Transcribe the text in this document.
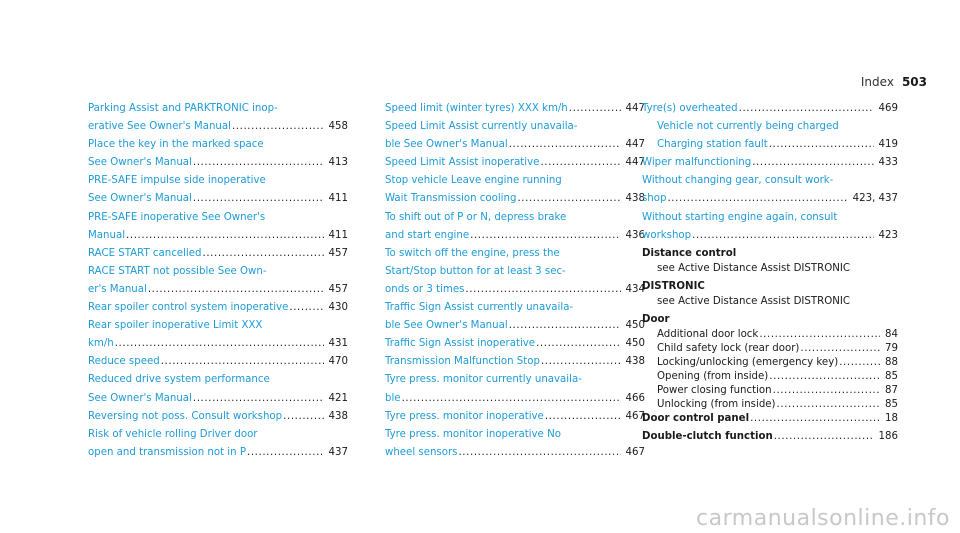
Index 503
Parking Assist and PARKTRONIC inop-
erative See Owner's Manual .....	458
Place the key in the marked space
See Owner's Manual .....	413
PRE-SAFE impulse side inoperative
See Owner's Manual .....	411
PRE-SAFE inoperative See Owner's
Manual .....	411
RACE START cancelled .....	457
RACE START not possible See Own-
er's Manual .....	457
Rear spoiler control system inoperative .....	430
Rear spoiler inoperative Limit XXX
km/h .....	431
Reduce speed .....	470
Reduced drive system performance
See Owner's Manual .....	421
Reversing not poss. Consult workshop .....	438
Risk of vehicle rolling Driver door
open and transmission not in P .....	437
Speed limit (winter tyres) XXX km/h .....	447
Speed Limit Assist currently unavaila-
ble See Owner's Manual .....	447
Speed Limit Assist inoperative .....	447
Stop vehicle Leave engine running
Wait Transmission cooling .....	438
To shift out of P or N, depress brake
and start engine .....	436
To switch off the engine, press the
Start/Stop button for at least 3 sec-
onds or 3 times .....	434
Traffic Sign Assist currently unavaila-
ble See Owner's Manual .....	450
Traffic Sign Assist inoperative .....	450
Transmission Malfunction Stop .....	438
Tyre press. monitor currently unavaila-
ble .....	466
Tyre press. monitor inoperative .....	467
Tyre press. monitor inoperative No
wheel sensors .....	467
Tyre(s) overheated .....	469
Vehicle not currently being charged
Charging station fault .....	419
Wiper malfunctioning .....	433
Without changing gear, consult work-
shop .....	423, 437
Without starting engine again, consult
workshop .....	423
Distance control
see Active Distance Assist DISTRONIC
DISTRONIC
see Active Distance Assist DISTRONIC
Door
Additional door lock .....	84
Child safety lock (rear door) .....	79
Locking/unlocking (emergency key) .....	88
Opening (from inside) .....	85
Power closing function .....	87
Unlocking (from inside) .....	85
Door control panel .....	18
Double-clutch function .....	186
carmanualsonline.info
